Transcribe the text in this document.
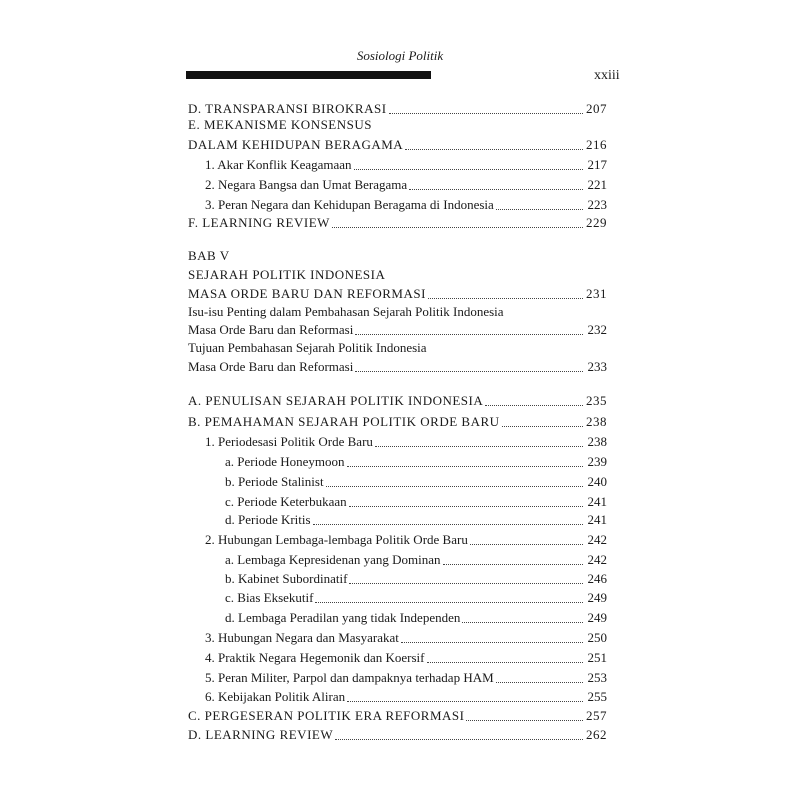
Sosiologi Politik
xxiii
D. TRANSPARANSI BIROKRASI	207
E. MEKANISME KONSENSUS
DALAM KEHIDUPAN BERAGAMA	216
1. Akar Konflik Keagamaan	217
2. Negara Bangsa dan Umat Beragama	221
3. Peran Negara dan Kehidupan Beragama di Indonesia	223
F. LEARNING REVIEW	229
BAB V
SEJARAH POLITIK INDONESIA
MASA ORDE BARU DAN REFORMASI	231
Isu-isu Penting dalam Pembahasan Sejarah Politik Indonesia
Masa Orde Baru dan Reformasi	232
Tujuan Pembahasan Sejarah Politik Indonesia
Masa Orde Baru dan Reformasi	233
A. PENULISAN SEJARAH POLITIK INDONESIA	235
B. PEMAHAMAN SEJARAH POLITIK ORDE BARU	238
1. Periodesasi Politik Orde Baru	238
a. Periode Honeymoon	239
b. Periode Stalinist	240
c. Periode Keterbukaan	241
d. Periode Kritis	241
2. Hubungan Lembaga-lembaga Politik Orde Baru	242
a. Lembaga Kepresidenan yang Dominan	242
b. Kabinet Subordinatif	246
c. Bias Eksekutif	249
d. Lembaga Peradilan yang tidak Independen	249
3. Hubungan Negara dan Masyarakat	250
4. Praktik Negara Hegemonik dan Koersif	251
5. Peran Militer, Parpol dan dampaknya terhadap HAM	253
6. Kebijakan Politik Aliran	255
C. PERGESERAN POLITIK ERA REFORMASI	257
D. LEARNING REVIEW	262
